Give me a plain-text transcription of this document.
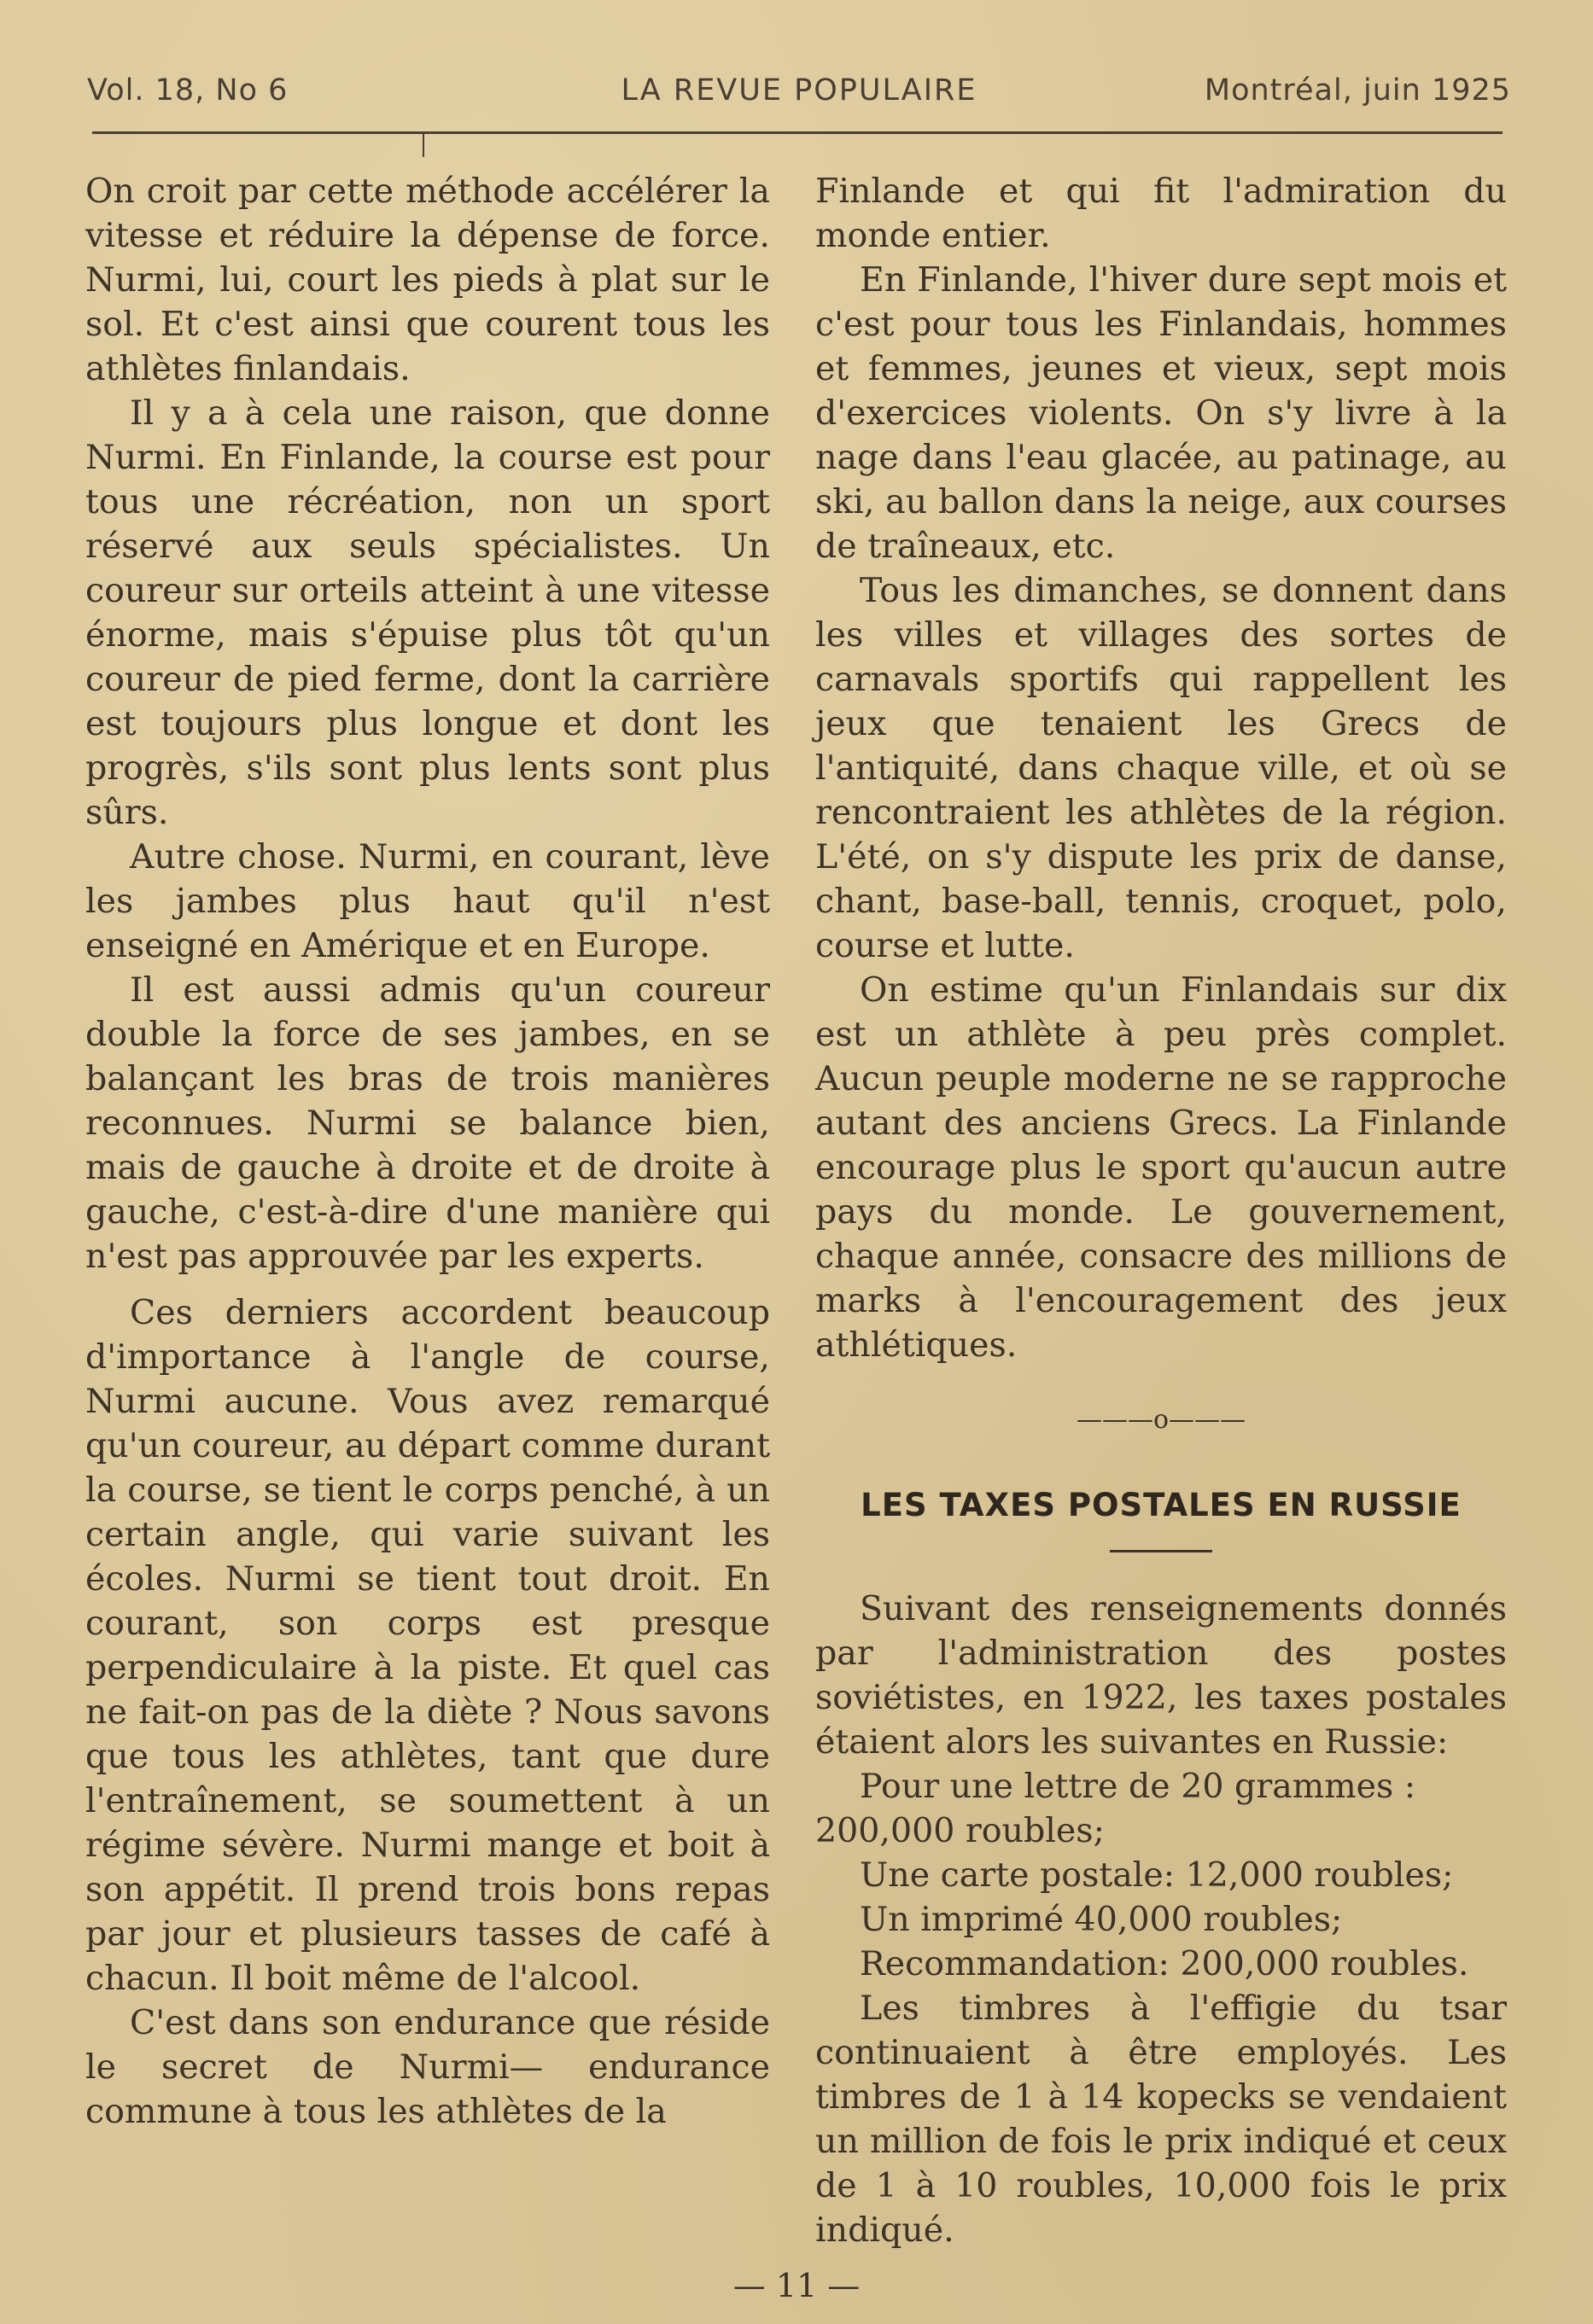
Vol. 18, No 6	LA REVUE POPULAIRE	Montréal, juin 1925

On croit par cette méthode accélérer la vitesse et réduire la dépense de force. Nurmi, lui, court les pieds à plat sur le sol. Et c'est ainsi que courent tous les athlètes finlandais.

Il y a à cela une raison, que donne Nurmi. En Finlande, la course est pour tous une récréation, non un sport réservé aux seuls spécialistes. Un coureur sur orteils atteint à une vitesse énorme, mais s'épuise plus tôt qu'un coureur de pied ferme, dont la carrière est toujours plus longue et dont les progrès, s'ils sont plus lents sont plus sûrs.

Autre chose. Nurmi, en courant, lève les jambes plus haut qu'il n'est enseigné en Amérique et en Europe.

Il est aussi admis qu'un coureur double la force de ses jambes, en se balançant les bras de trois manières reconnues. Nurmi se balance bien, mais de gauche à droite et de droite à gauche, c'est-à-dire d'une manière qui n'est pas approuvée par les experts.

Ces derniers accordent beaucoup d'importance à l'angle de course, Nurmi aucune. Vous avez remarqué qu'un coureur, au départ comme durant la course, se tient le corps penché, à un certain angle, qui varie suivant les écoles. Nurmi se tient tout droit. En courant, son corps est presque perpendiculaire à la piste. Et quel cas ne fait-on pas de la diète ? Nous savons que tous les athlètes, tant que dure l'entraînement, se soumettent à un régime sévère. Nurmi mange et boit à son appétit. Il prend trois bons repas par jour et plusieurs tasses de café à chacun. Il boit même de l'alcool.

C'est dans son endurance que réside le secret de Nurmi— endurance commune à tous les athlètes de la

Finlande et qui fit l'admiration du monde entier.

En Finlande, l'hiver dure sept mois et c'est pour tous les Finlandais, hommes et femmes, jeunes et vieux, sept mois d'exercices violents. On s'y livre à la nage dans l'eau glacée, au patinage, au ski, au ballon dans la neige, aux courses de traîneaux, etc.

Tous les dimanches, se donnent dans les villes et villages des sortes de carnavals sportifs qui rappellent les jeux que tenaient les Grecs de l'antiquité, dans chaque ville, et où se rencontraient les athlètes de la région. L'été, on s'y dispute les prix de danse, chant, base-ball, tennis, croquet, polo, course et lutte.

On estime qu'un Finlandais sur dix est un athlète à peu près complet. Aucun peuple moderne ne se rapproche autant des anciens Grecs. La Finlande encourage plus le sport qu'aucun autre pays du monde. Le gouvernement, chaque année, consacre des millions de marks à l'encouragement des jeux athlétiques.

———o———

LES TAXES POSTALES EN RUSSIE

Suivant des renseignements donnés par l'administration des postes soviétistes, en 1922, les taxes postales étaient alors les suivantes en Russie:

Pour une lettre de 20 grammes : 200,000 roubles;

Une carte postale: 12,000 roubles;

Un imprimé 40,000 roubles;

Recommandation: 200,000 roubles.

Les timbres à l'effigie du tsar continuaient à être employés. Les timbres de 1 à 14 kopecks se vendaient un million de fois le prix indiqué et ceux de 1 à 10 roubles, 10,000 fois le prix indiqué.

— 11 —
